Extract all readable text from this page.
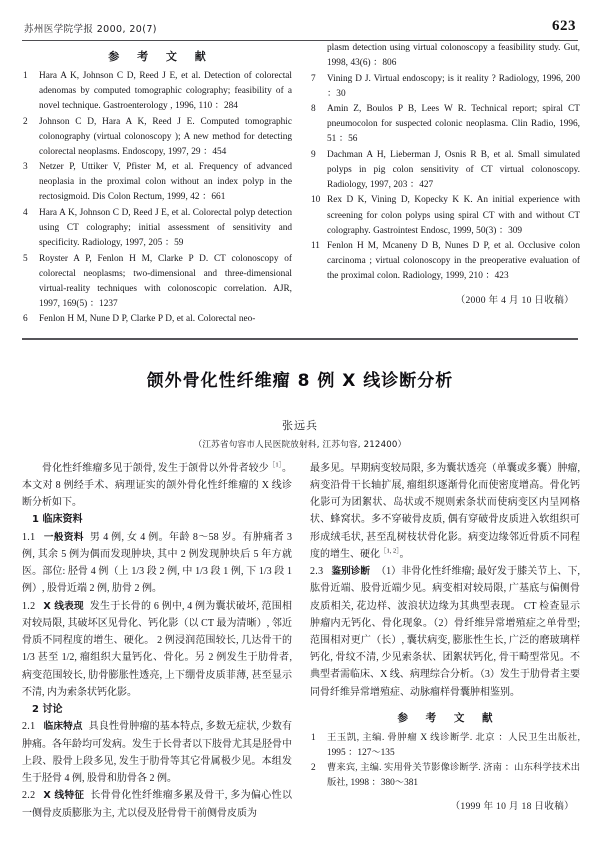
苏州医学院学报 2000, 20(7)	623
参 考 文 献
1	Hara A K, Johnson C D, Reed J E, et al. Detection of colorectal adenomas by computed tomographic colography; feasibility of a novel technique. Gastroenterology , 1996, 110 ：284
2	Johnson C D, Hara A K, Reed J E. Computed tomographic colonography (virtual colonoscopy ); A new method for detecting colorectal neoplasms. Endoscopy, 1997, 29 ：454
3	Netzer P, Uttiker V, Pfister M, et al. Frequency of advanced neoplasia in the proximal colon without an index polyp in the rectosigmoid. Dis Colon Rectum, 1999, 42 ：661
4	Hara A K, Johnson C D, Reed J E, et al. Colorectal polyp detection using CT colography; initial assessment of sensitivity and specificity. Radiology, 1997, 205 ：59
5	Royster A P, Fenlon H M, Clarke P D. CT colonoscopy of colorectal neoplasms; two-dimensional and three-dimensional virtual-reality techniques with colonoscopic correlation. AJR, 1997, 169(5) ：1237
6	Fenlon H M, Nune D P, Clarke P D, et al. Colorectal neo-
plasm detection using virtual colonoscopy a feasibility study. Gut, 1998, 43(6) ：806
7	Vining D J. Virtual endoscopy; is it reality ? Radiology, 1996, 200 ：30
8	Amin Z, Boulos P B, Lees W R. Technical report; spiral CT pneumocolon for suspected colonic neoplasma. Clin Radio, 1996, 51 ：56
9	Dachman A H, Lieberman J, Osnis R B, et al. Small simulated polyps in pig colon sensitivity of CT virtual colonoscopy. Radiology, 1997, 203 ：427
10 Rex D K, Vining D, Kopecky K K. An initial experience with screening for colon polyps using spiral CT with and without CT colography. Gastrointest Endosc, 1999, 50(3) ：309
11 Fenlon H M, Mcaneny D B, Nunes D P, et al. Occlusive colon carcinoma ; virtual colonoscopy in the preoperative evaluation of the proximal colon. Radiology, 1999, 210 ：423
（2000 年 4 月 10 日收稿）
颌外骨化性纤维瘤 8 例 X 线诊断分析
张远兵
（江苏省句容市人民医院放射科, 江苏句容, 212400）

骨化性纤维瘤多见于颌骨, 发生于颌骨以外骨者较少$^{[1]}$。本文对 8 例经手术、病理证实的颌外骨化性纤维瘤的 X 线诊断分析如下。

1 临床资料

1.1 一般资料 男 4 例, 女 4 例。年龄 8～58 岁。有肿痛者 3 例, 其余 5 例为偶而发现肿块, 其中 2 例发现肿块后 5 年方就医。部位: 胫骨 4 例（上 1/3 段 2 例, 中 1/3 段 1 例, 下 1/3 段 1 例）, 股骨近端 2 例, 肋骨 2 例。

1.2 X 线表现 发生于长骨的 6 例中, 4 例为囊状破坏, 范围相对较局限, 其破坏区见骨化、钙化影（以 CT 最为清晰）, 邻近骨质不同程度的增生、硬化。 2 例浸润范围较长, 几达骨干的 1/3 甚至 1/2, 瘤组织大量钙化、骨化。另 2 例发生于肋骨者, 病变范围较长, 肋骨膨胀性透亮, 上下绷骨皮质菲薄, 甚至显示不清, 内为索条状钙化影。

2 讨论

2.1 临床特点 具良性骨肿瘤的基本特点, 多数无症状, 少数有肿痛。各年龄均可发病。发生于长骨者以下肢骨尤其是胫骨中上段、股骨上段多见, 发生于肋骨等其它骨属极少见。本组发生于胫骨 4 例, 股骨和肋骨各 2 例。

2.2 X 线特征 长骨骨化性纤维瘤多累及骨干, 多为偏心性以一侧骨皮质膨胀为主, 尤以侵及胫骨骨干前侧骨皮质为

最多见。早期病变较局限, 多为囊状透亮（单囊或多囊）肿瘤, 病变沿骨干长轴扩展, 瘤组织逐渐骨化而使密度增高。骨化钙化影可为团絮状、岛状或不规则索条状而使病变区内呈网格状、蜂窝状。多不穿破骨皮质, 偶有穿破骨皮质进入软组织可形成绒毛状, 甚至乱树枝状骨化影。病变边缘邻近骨质不同程度的增生、硬化$^{[1, 2]}$。

2.3 鉴别诊断 （1）非骨化性纤维瘤; 最好发于膝关节上、下, 肱骨近端、股骨近端少见。病变相对较局限, 广基底与偏侧骨皮质相关, 花边样、波浪状边缘为其典型表现。 CT 检查显示肿瘤内无钙化、骨化现象。（2）骨纤维异常增殖症之单骨型; 范围相对更广（长）, 囊状病变, 膨胀性生长, 广泛的磨玻璃样钙化, 骨纹不清, 少见索条状、团絮状钙化, 骨干畸型常见。不典型者需临床、X 线、病理综合分析。（3）发生于肋骨者主要同骨纤维异常增殖症、动脉瘤样骨囊肿相鉴别。

参 考 文 献
1	王玉凯, 主编. 骨肿瘤 X 线诊断学. 北京 ：人民卫生出版社, 1995 ：127～135
2	曹来宾, 主编. 实用骨关节影像诊断学. 济南 ：山东科学技术出版社, 1998 ：380～381
（1999 年 10 月 18 日收稿）
